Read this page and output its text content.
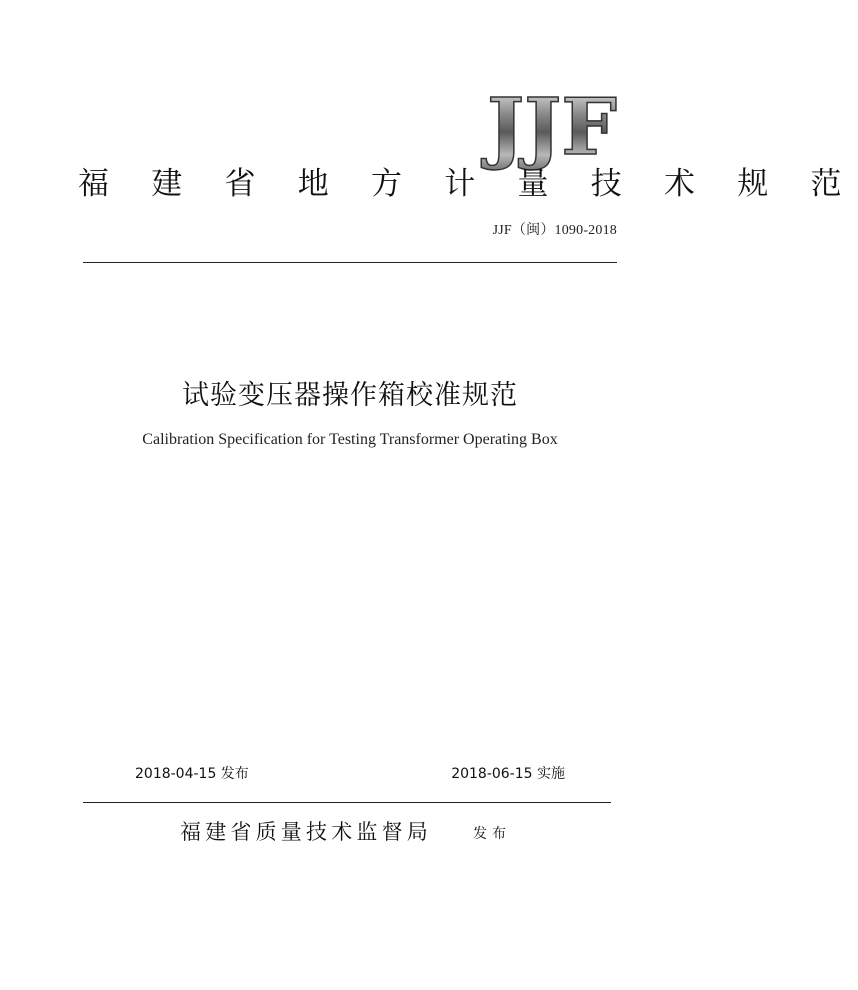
JJF
福 建 省 地 方 计 量 技 术 规 范
JJF（闽）1090-2018
试验变压器操作箱校准规范
Calibration Specification for Testing Transformer Operating Box
2018-04-15 发布	2018-06-15 实施
福建省质量技术监督局	发布
